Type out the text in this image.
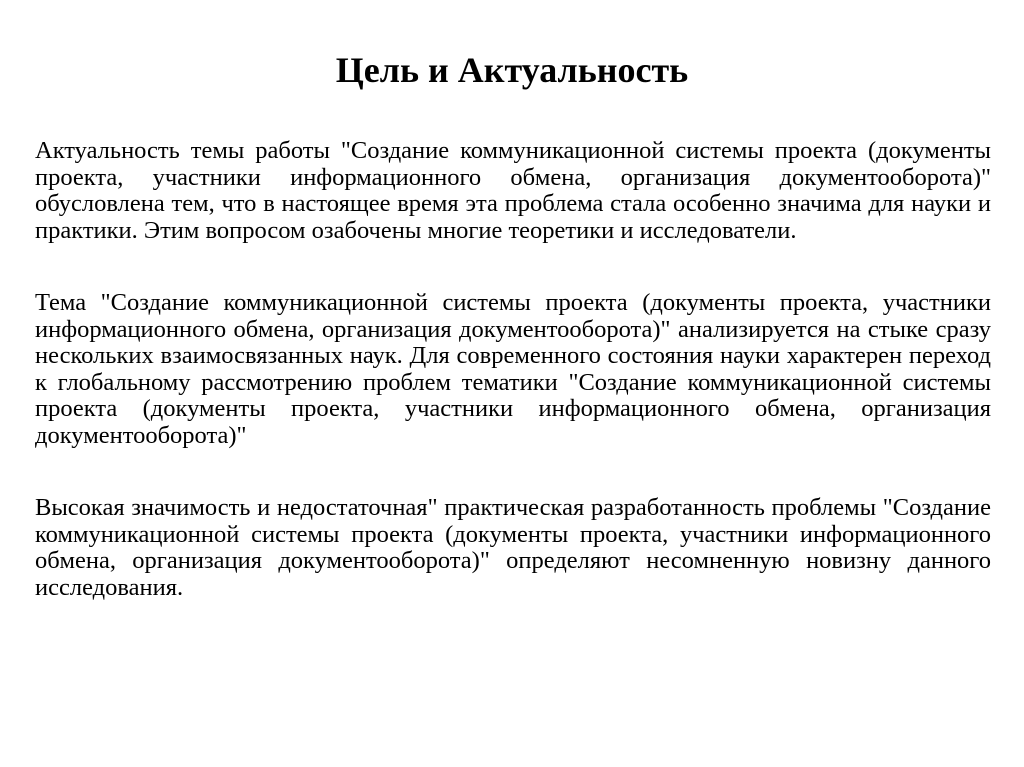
Цель и Актуальность

Актуальность темы работы "Создание коммуникационной системы проекта (документы проекта, участники информационного обмена, организация документооборота)" обусловлена тем, что в настоящее время эта проблема стала особенно значима для науки и практики. Этим вопросом озабочены многие теоретики и исследователи.

Тема "Создание коммуникационной системы проекта (документы проекта, участники информационного обмена, организация документооборота)" анализируется на стыке сразу нескольких взаимосвязанных наук. Для современного состояния науки характерен переход к глобальному рассмотрению проблем тематики "Создание коммуникационной системы проекта (документы проекта, участники информационного обмена, организация документооборота)"

Высокая значимость и недостаточная" практическая разработанность проблемы "Создание коммуникационной системы проекта (документы проекта, участники информационного обмена, организация документооборота)" определяют несомненную новизну данного исследования.
